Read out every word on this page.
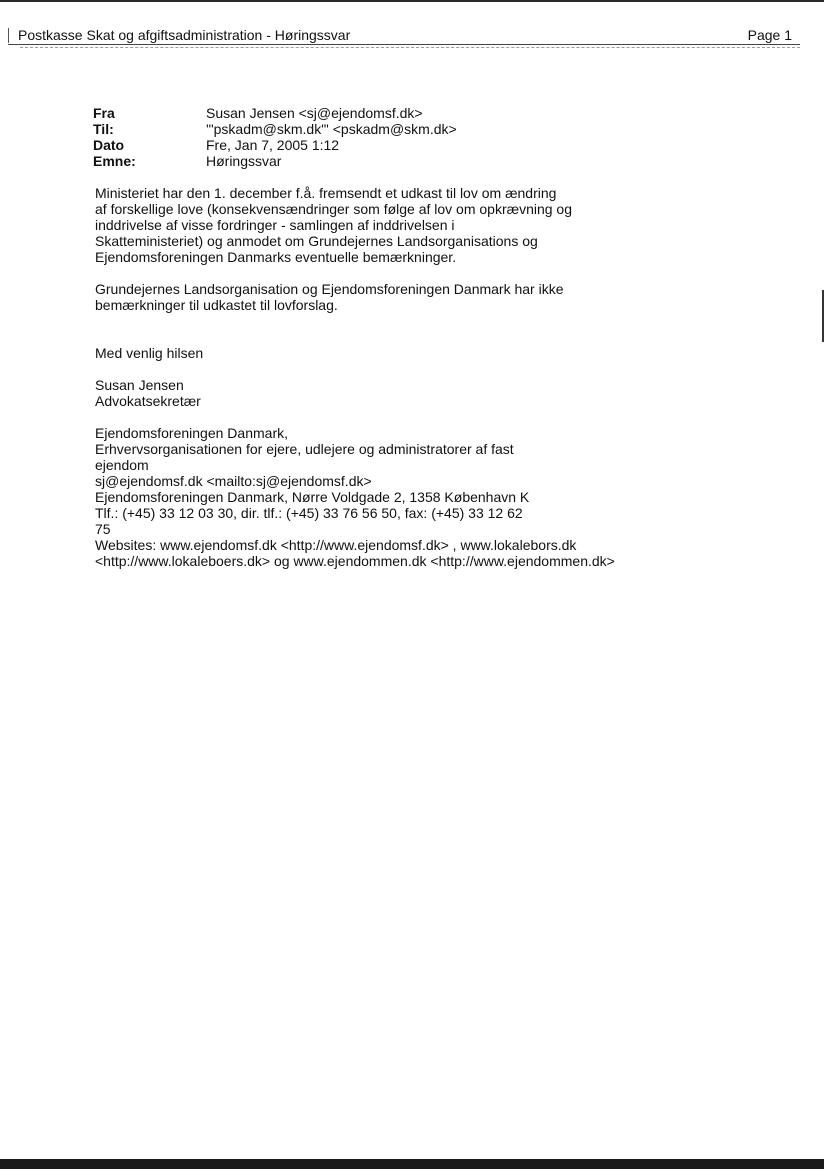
Postkasse Skat og afgiftsadministration - Høringssvar	Page 1
Fra	Susan Jensen <sj@ejendomsf.dk>
Til:	'"pskadm@skm.dk"' <pskadm@skm.dk>
Dato	Fre, Jan 7, 2005 1:12
Emne:	Høringssvar

Ministeriet har den 1. december f.å. fremsendt et udkast til lov om ændring

af forskellige love (konsekvensændringer som følge af lov om opkrævning og

inddrivelse af visse fordringer - samlingen af inddrivelsen i

Skatteministeriet) og anmodet om Grundejernes Landsorganisations og

Ejendomsforeningen Danmarks eventuelle bemærkninger.

Grundejernes Landsorganisation og Ejendomsforeningen Danmark har ikke

bemærkninger til udkastet til lovforslag.

Med venlig hilsen

Susan Jensen

Advokatsekretær

Ejendomsforeningen Danmark,

Erhvervsorganisationen for ejere, udlejere og administratorer af fast

ejendom

sj@ejendomsf.dk <mailto:sj@ejendomsf.dk>

Ejendomsforeningen Danmark, Nørre Voldgade 2, 1358 København K

Tlf.: (+45) 33 12 03 30, dir. tlf.: (+45) 33 76 56 50, fax: (+45) 33 12 62

75

Websites: www.ejendomsf.dk <http://www.ejendomsf.dk> , www.lokalebors.dk

<http://www.lokaleboers.dk> og www.ejendommen.dk <http://www.ejendommen.dk>
